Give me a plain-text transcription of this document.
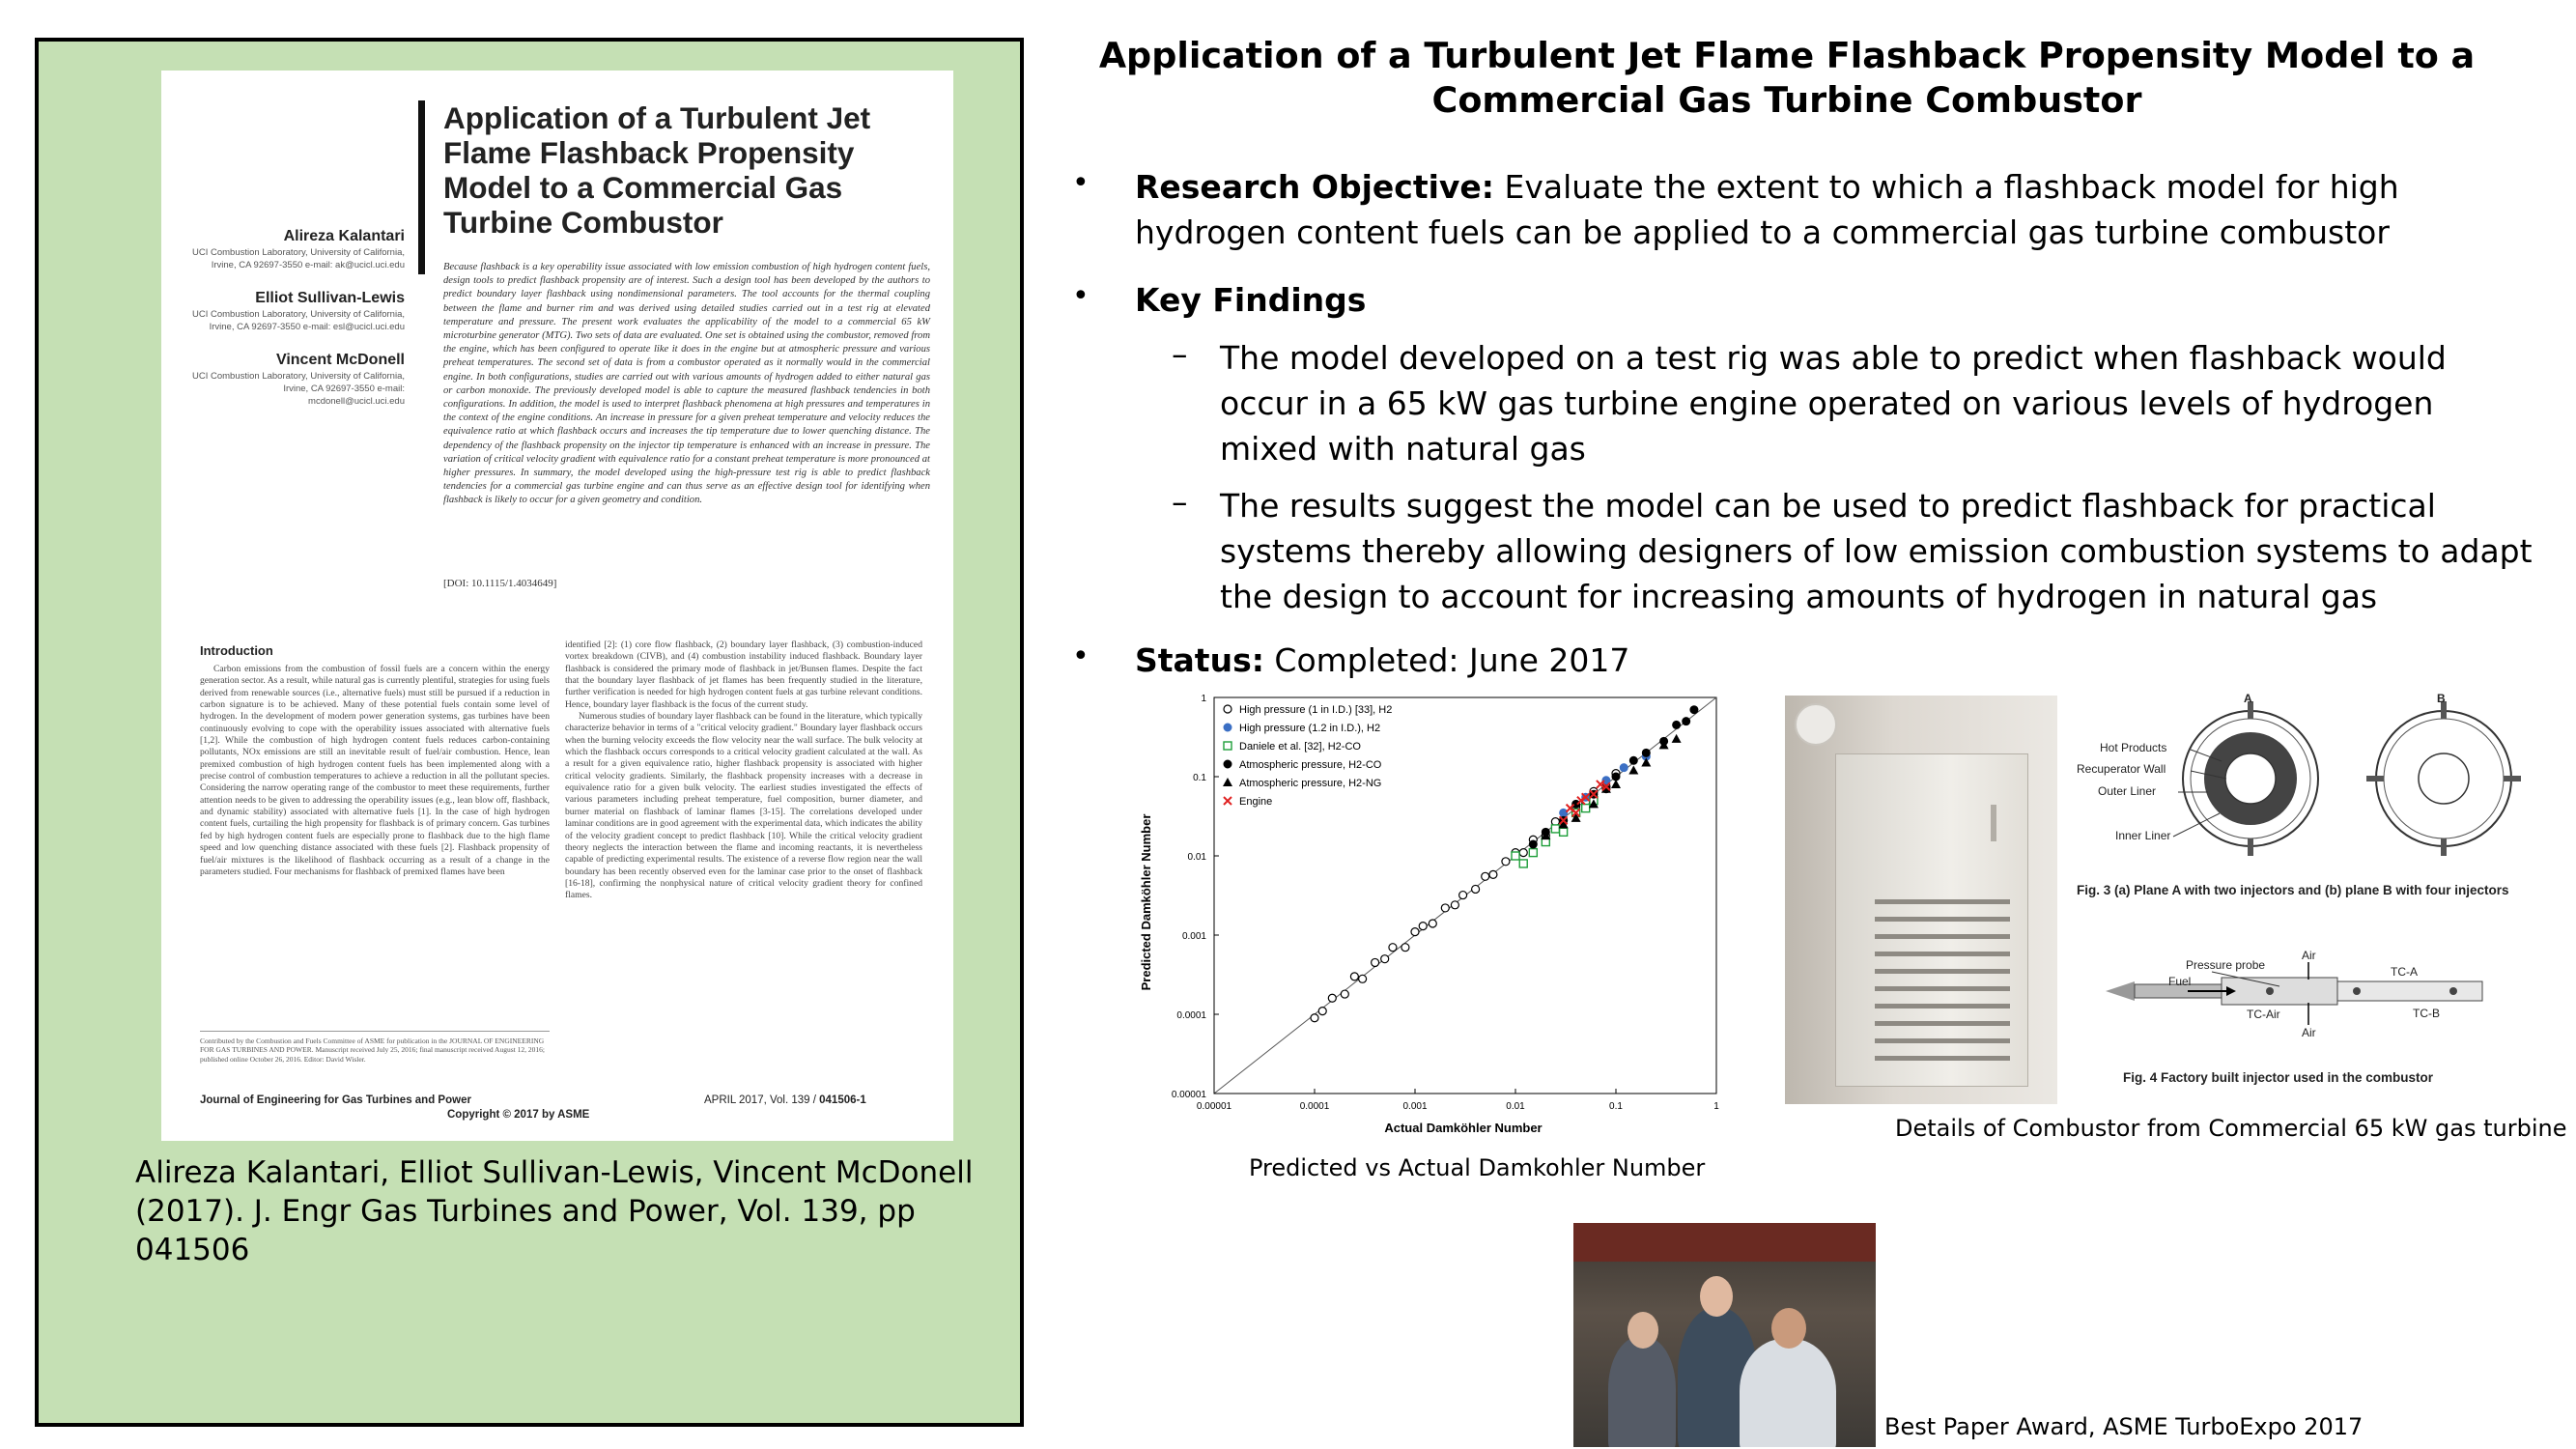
Application of a Turbulent Jet Flame Flashback Propensity Model to a Commercial Gas Turbine Combustor
Alireza Kalantari
UCI Combustion Laboratory, University of California, Irvine, CA 92697-3550 e-mail: ak@ucicl.uci.edu
Elliot Sullivan-Lewis
UCI Combustion Laboratory, University of California, Irvine, CA 92697-3550 e-mail: esl@ucicl.uci.edu
Vincent McDonell
UCI Combustion Laboratory, University of California, Irvine, CA 92697-3550 e-mail: mcdonell@ucicl.uci.edu
Because flashback is a key operability issue associated with low emission combustion of high hydrogen content fuels, design tools to predict flashback propensity are of interest. Such a design tool has been developed by the authors to predict boundary layer flashback using nondimensional parameters. The tool accounts for the thermal coupling between the flame and burner rim and was derived using detailed studies carried out in a test rig at elevated temperature and pressure. The present work evaluates the applicability of the model to a commercial 65 kW microturbine generator (MTG). Two sets of data are evaluated. One set is obtained using the combustor, removed from the engine, which has been configured to operate like it does in the engine but at atmospheric pressure and various preheat temperatures. The second set of data is from a combustor operated as it normally would in the commercial engine. In both configurations, studies are carried out with various amounts of hydrogen added to either natural gas or carbon monoxide. The previously developed model is able to capture the measured flashback tendencies in both configurations. In addition, the model is used to interpret flashback phenomena at high pressures and temperatures in the context of the engine conditions. An increase in pressure for a given preheat temperature and velocity reduces the equivalence ratio at which flashback occurs and increases the tip temperature due to lower quenching distance. The dependency of the flashback propensity on the injector tip temperature is enhanced with an increase in pressure. The variation of critical velocity gradient with equivalence ratio for a constant preheat temperature is more pronounced at higher pressures. In summary, the model developed using the high-pressure test rig is able to predict flashback tendencies for a commercial gas turbine engine and can thus serve as an effective design tool for identifying when flashback is likely to occur for a given geometry and condition.
[DOI: 10.1115/1.4034649]
Introduction
Carbon emissions from the combustion of fossil fuels are a concern within the energy generation sector. As a result, while natural gas is currently plentiful, strategies for using fuels derived from renewable sources (i.e., alternative fuels) must still be pursued if a reduction in carbon signature is to be achieved. Many of these potential fuels contain some level of hydrogen. In the development of modern power generation systems, gas turbines have been continuously evolving to cope with the operability issues associated with alternative fuels [1,2]. While the combustion of high hydrogen content fuels reduces carbon-containing pollutants, NOx emissions are still an inevitable result of fuel/air combustion. Hence, lean premixed combustion of high hydrogen content fuels has been implemented along with a precise control of combustion temperatures to achieve a reduction in all the pollutant species. Considering the narrow operating range of the combustor to meet these requirements, further attention needs to be given to addressing the operability issues (e.g., lean blow off, flashback, and dynamic stability) associated with alternative fuels [1]. In the case of high hydrogen content fuels, curtailing the high propensity for flashback is of primary concern. Gas turbines fed by high hydrogen content fuels are especially prone to flashback due to the high flame speed and low quenching distance associated with these fuels [2]. Flashback propensity of fuel/air mixtures is the likelihood of flashback occurring as a result of a change in the parameters studied. Four mechanisms for flashback of premixed flames have been
identified [2]: (1) core flow flashback, (2) boundary layer flashback, (3) combustion-induced vortex breakdown (CIVB), and (4) combustion instability induced flashback. Boundary layer flashback is considered the primary mode of flashback in jet/Bunsen flames. Despite the fact that the boundary layer flashback of jet flames has been frequently studied in the literature, further verification is needed for high hydrogen content fuels at gas turbine relevant conditions. Hence, boundary layer flashback is the focus of the current study.
Numerous studies of boundary layer flashback can be found in the literature, which typically characterize behavior in terms of a "critical velocity gradient." Boundary layer flashback occurs when the burning velocity exceeds the flow velocity near the wall surface. The bulk velocity at which the flashback occurs corresponds to a critical velocity gradient calculated at the wall. As a result for a given equivalence ratio, higher flashback propensity is associated with higher critical velocity gradients. Similarly, the flashback propensity increases with a decrease in equivalence ratio for a given bulk velocity. The earliest studies investigated the effects of various parameters including preheat temperature, fuel composition, burner diameter, and burner material on flashback of laminar flames [3-15]. The correlations developed under laminar conditions are in good agreement with the experimental data, which indicates the ability of the velocity gradient concept to predict flashback [10]. While the critical velocity gradient theory neglects the interaction between the flame and incoming reactants, it is nevertheless capable of predicting experimental results. The existence of a reverse flow region near the wall boundary has been recently observed even for the laminar case prior to the onset of flashback [16-18], confirming the nonphysical nature of critical velocity gradient theory for confined flames.
Contributed by the Combustion and Fuels Committee of ASME for publication in the JOURNAL OF ENGINEERING FOR GAS TURBINES AND POWER. Manuscript received July 25, 2016; final manuscript received August 12, 2016; published online October 26, 2016. Editor: David Wisler.
Journal of Engineering for Gas Turbines and Power
Copyright © 2017 by ASME
APRIL 2017, Vol. 139 / 041506-1
Alireza Kalantari, Elliot Sullivan-Lewis, Vincent McDonell (2017). J. Engr Gas Turbines and Power, Vol. 139, pp 041506
Application of a Turbulent Jet Flame Flashback Propensity Model to a Commercial Gas Turbine Combustor
• Research Objective: Evaluate the extent to which a flashback model for high hydrogen content fuels can be applied to a commercial gas turbine combustor
• Key Findings
– The model developed on a test rig was able to predict when flashback would occur in a 65 kW gas turbine engine operated on various levels of hydrogen mixed with natural gas
– The results suggest the model can be used to predict flashback for practical systems thereby allowing designers of low emission combustion systems to adapt the design to account for increasing amounts of hydrogen in natural gas
• Status: Completed: June 2017
0.00001
0.00001
0.0001
0.0001
0.001
0.001
0.01
0.01
0.1
0.1
1
1
High pressure (1 in I.D.) [33], H2
High pressure (1.2 in I.D.), H2
Daniele et al. [32], H2-CO
Atmospheric pressure, H2-CO
Atmospheric pressure, H2-NG
Engine
Actual Damköhler Number
Predicted Damköhler Number
Predicted vs Actual Damkohler Number
A	B
Hot Products
Recuperator Wall
Outer Liner
Inner Liner
Fig. 3 (a) Plane A with two injectors and (b) plane B with four injectors
Pressure probe
Air
TC-A
Fuel
TC-Air	TC-B
Air
Fig. 4 Factory built injector used in the combustor
Details of Combustor from Commercial 65 kW gas turbine
Best Paper Award, ASME TurboExpo 2017
